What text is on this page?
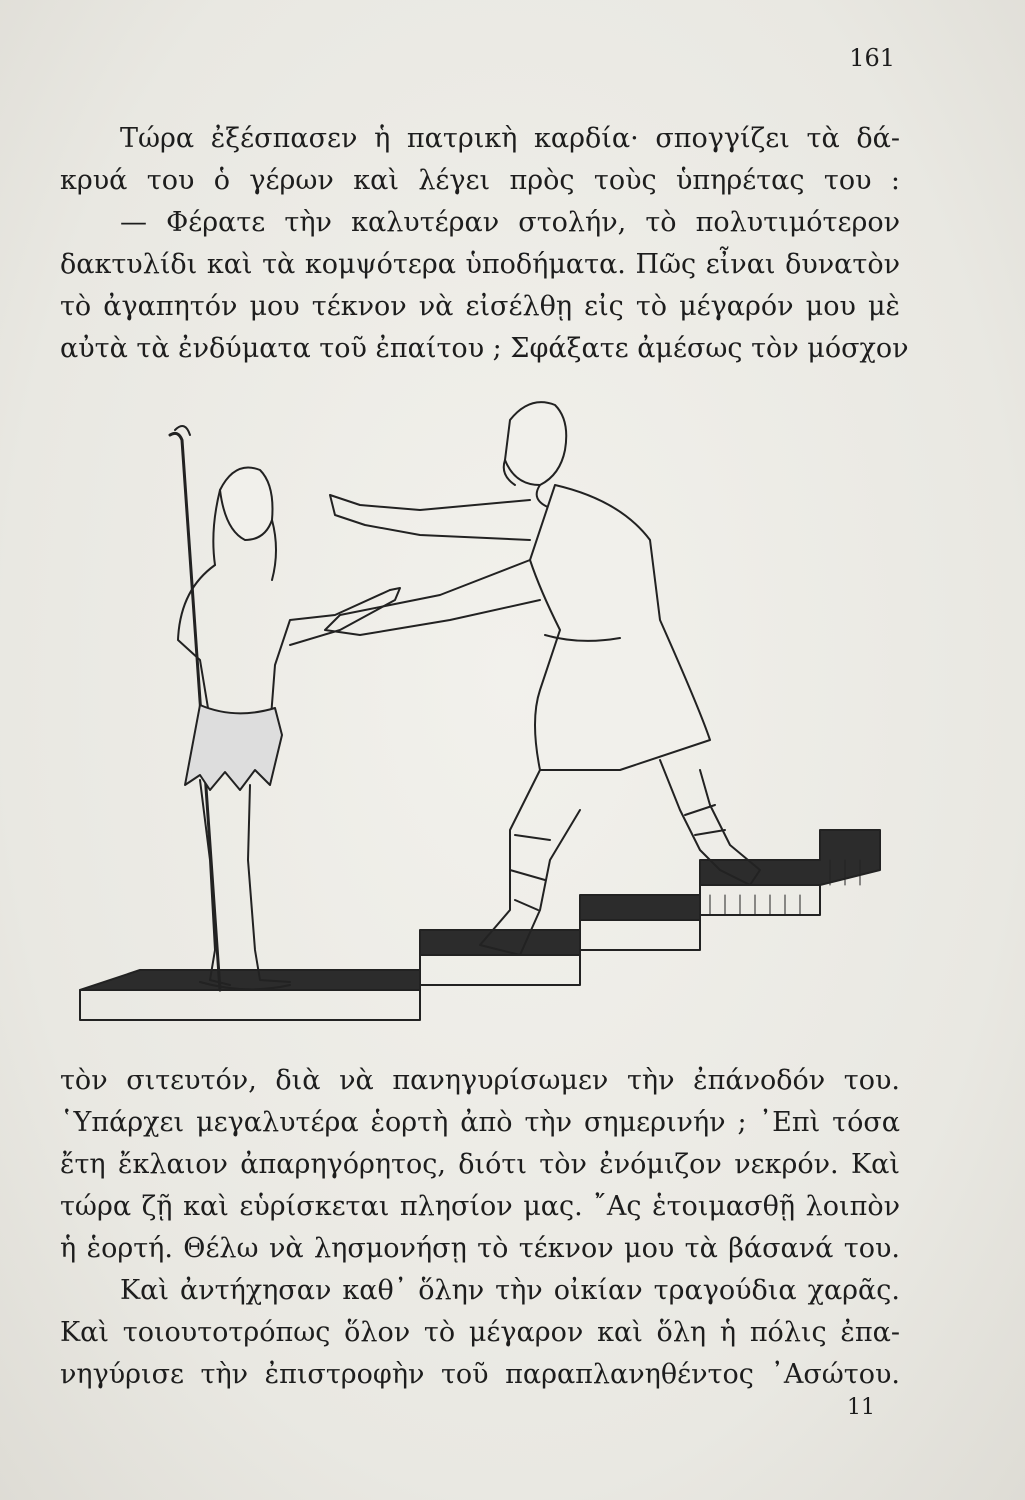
161
Τώρα ἐξέσπασεν ἡ πατρικὴ καρδία· σπογγίζει τὰ δά-
κρυά του ὁ γέρων καὶ λέγει πρὸς τοὺς ὑπηρέτας του :
— Φέρατε τὴν καλυτέραν στολήν, τὸ πολυτιμότερον
δακτυλίδι καὶ τὰ κομψότερα ὑποδήματα. Πῶς εἶναι δυνατὸν
τὸ ἀγαπητόν μου τέκνον νὰ εἰσέλθῃ εἰς τὸ μέγαρόν μου μὲ
αὐτὰ τὰ ἐνδύματα τοῦ ἐπαίτου ; Σφάξατε ἀμέσως τὸν μόσχον
τὸν σιτευτόν, διὰ νὰ πανηγυρίσωμεν τὴν ἐπάνοδόν του.
῾Υπάρχει μεγαλυτέρα ἑορτὴ ἀπὸ τὴν σημερινήν ; ᾿Επὶ τόσα
ἔτη ἔκλαιον ἀπαρηγόρητος, διότι τὸν ἐνόμιζον νεκρόν. Καὶ
τώρα ζῇ καὶ εὑρίσκεται πλησίον μας. ῎Ας ἑτοιμασθῇ λοιπὸν
ἡ ἑορτή. Θέλω νὰ λησμονήσῃ τὸ τέκνον μου τὰ βάσανά του.
Καὶ ἀντήχησαν καθ᾿ ὅλην τὴν οἰκίαν τραγούδια χαρᾶς.
Καὶ τοιουτοτρόπως ὅλον τὸ μέγαρον καὶ ὅλη ἡ πόλις ἐπα-
νηγύρισε τὴν ἐπιστροφὴν τοῦ παραπλανηθέντος ᾿Ασώτου.
11
